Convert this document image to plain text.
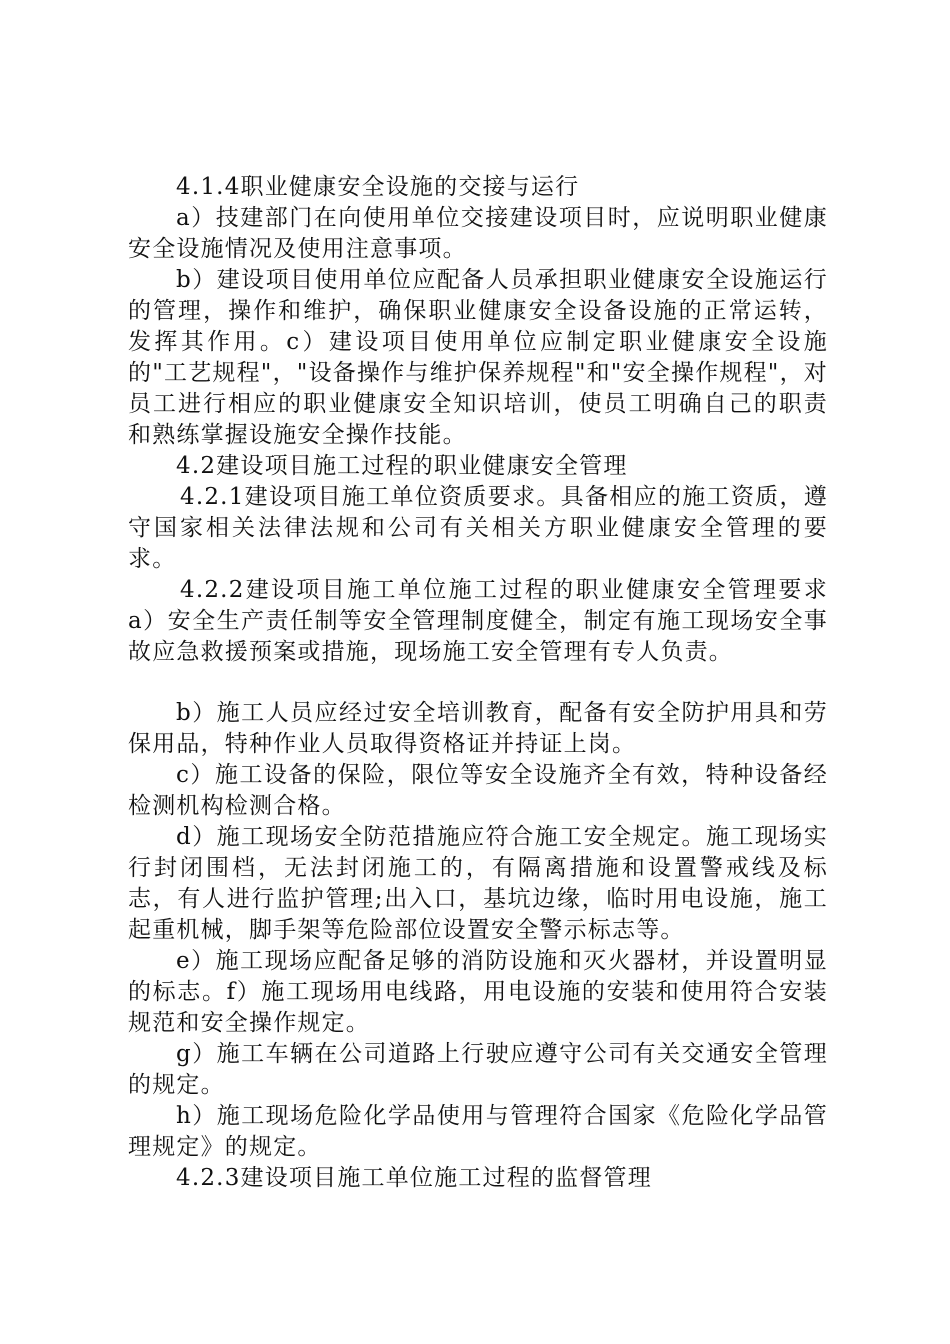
4.1.4职业健康安全设施的交接与运行

a）技建部门在向使用单位交接建设项目时，应说明职业健康安全设施情况及使用注意事项。

b）建设项目使用单位应配备人员承担职业健康安全设施运行的管理，操作和维护，确保职业健康安全设备设施的正常运转，发挥其作用。c）建设项目使用单位应制定职业健康安全设施的"工艺规程"，"设备操作与维护保养规程"和"安全操作规程"，对员工进行相应的职业健康安全知识培训，使员工明确自己的职责和熟练掌握设施安全操作技能。

4.2建设项目施工过程的职业健康安全管理

4.2.1建设项目施工单位资质要求。具备相应的施工资质，遵守国家相关法律法规和公司有关相关方职业健康安全管理的要求。

4.2.2建设项目施工单位施工过程的职业健康安全管理要求a）安全生产责任制等安全管理制度健全，制定有施工现场安全事故应急救援预案或措施，现场施工安全管理有专人负责。

b）施工人员应经过安全培训教育，配备有安全防护用具和劳保用品，特种作业人员取得资格证并持证上岗。

c）施工设备的保险，限位等安全设施齐全有效，特种设备经检测机构检测合格。

d）施工现场安全防范措施应符合施工安全规定。施工现场实行封闭围档，无法封闭施工的，有隔离措施和设置警戒线及标志，有人进行监护管理;出入口，基坑边缘，临时用电设施，施工起重机械，脚手架等危险部位设置安全警示标志等。

e）施工现场应配备足够的消防设施和灭火器材，并设置明显的标志。f）施工现场用电线路，用电设施的安装和使用符合安装规范和安全操作规定。

g）施工车辆在公司道路上行驶应遵守公司有关交通安全管理的规定。

h）施工现场危险化学品使用与管理符合国家《危险化学品管理规定》的规定。

4.2.3建设项目施工单位施工过程的监督管理
